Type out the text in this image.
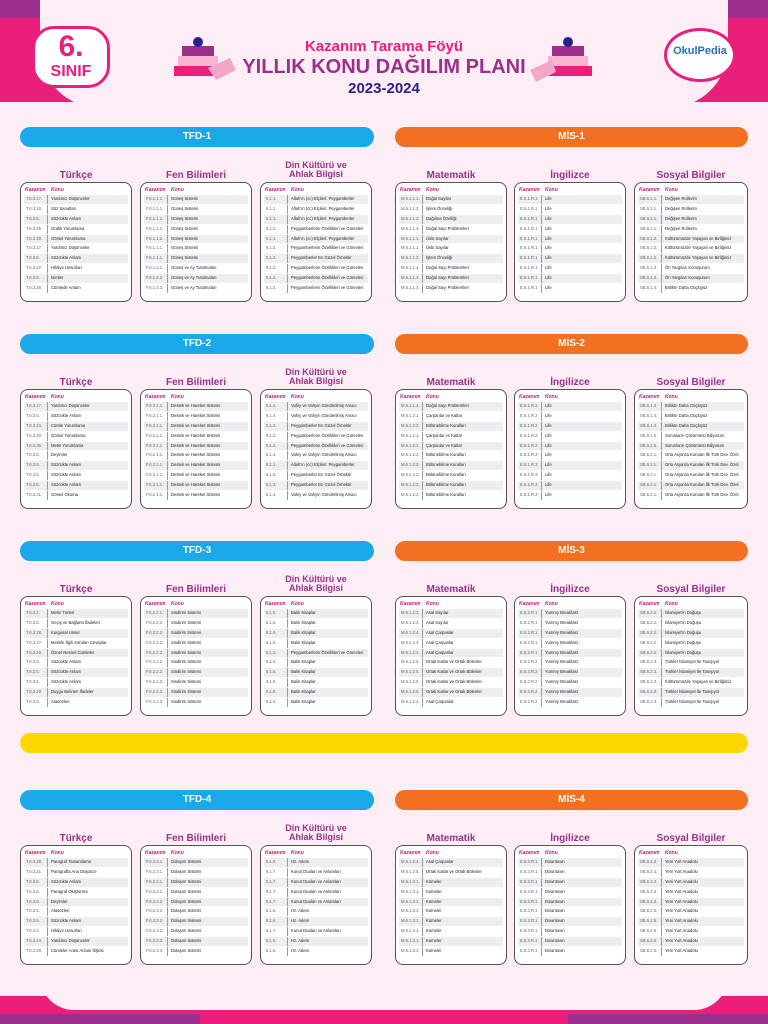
6.
SINIF
OkulPedia
Kazanım Tarama Föyü
YILLIK KONU DAĞILIM PLANI
2023-2024
TFD-1	MİS-1
Türkçe
Kazanım Konu
T.6.3.17.	Yardımcı Düşünceler
T.6.3.16.	Söz Sanatları
T.6.3.6.	Sözcükte Anlam
T.6.3.35.	Grafik Yorumlama
T.6.3.30.	Görsel Yorumlama
T.6.3.17.	Yardımcı Düşünceler
T.6.3.5.	Sözcükte Anlam
T.6.3.22.	Hikâye Unsurları
T.6.3.8.	İsimler
T.6.3.26.	Cümlede Anlam
Fen Bilimleri
Kazanım Konu
F.6.1.1.1.	Güneş Sistemi
F.6.1.1.1.	Güneş Sistemi
F.6.1.1.1.	Güneş Sistemi
F.6.1.1.1.	Güneş Sistemi
F.6.1.1.2.	Güneş Sistemi
F.6.1.1.1.	Güneş Sistemi
F.6.1.1.1.	Güneş Sistemi
F.6.1.2.1.	Güneş ve Ay Tutulmaları
F.6.1.2.2.	Güneş ve Ay Tutulmaları
F.6.1.2.3.	Güneş ve Ay Tutulmaları
Din Kültürü ve
Ahlak Bilgisi
Kazanım Konu
6.1.1.	Allah'ın (cc) Elçileri: Peygamberler
6.1.1.	Allah'ın (cc) Elçileri: Peygamberler
6.1.1.	Allah'ın (cc) Elçileri: Peygamberler
6.1.2.	Peygamberlerin Özellikleri ve Görevleri
6.1.1.	Allah'ın (cc) Elçileri: Peygamberler
6.1.2.	Peygamberlerin Özellikleri ve Görevleri
6.1.3.	Peygamberler En Güzel Örnektir
6.1.2.	Peygamberlerin Özellikleri ve Görevleri
6.1.2.	Peygamberlerin Özellikleri ve Görevleri
6.1.2.	Peygamberlerin Özellikleri ve Görevleri
Matematik
Kazanım Konu
M.6.1.1.1.	Doğal Sayılar
M.6.1.1.2.	İşlem Önceliği
M.6.1.1.3.	Dağılma Özelliği
M.6.1.1.4.	Doğal Sayı Problemleri
M.6.1.1.1.	Üslü Sayılar
M.6.1.1.1.	Üslü Sayılar
M.6.1.1.2.	İşlem Önceliği
M.6.1.1.4.	Doğal Sayı Problemleri
M.6.1.1.4.	Doğal Sayı Problemleri
M.6.1.1.4.	Doğal Sayı Problemleri
İngilizce
Kazanım Konu
E.6.1.R.1	Life
E.6.1.R.1	Life
E.6.1.R.1	Life
E.6.1.R.1	Life
E.6.1.R.1	Life
E.6.1.R.1	Life
E.6.1.R.1	Life
E.6.1.R.1	Life
E.6.1.R.1	Life
E.6.1.R.1	Life
Sosyal Bilgiler
Kazanım Konu
SB.6.1.1.	Değişen Rollerim
SB.6.1.1.	Değişen Rollerim
SB.6.1.1.	Değişen Rollerim
SB.6.1.1.	Değişen Rollerim
SB.6.1.2.	Kültürümüzde Yaşayan ve Birliğimiz
SB.6.1.2.	Kültürümüzde Yaşayan ve Birliğimiz
SB.6.1.2.	Kültürümüzde Yaşayan ve Birliğimiz
SB.6.1.3.	Ön Yargıları Konuşurum
SB.6.1.3.	Ön Yargıları Konuşurum
SB.6.1.4.	Birlikte Daha Güçlüyüz
TFD-2	MİS-2
Türkçe
Kazanım Konu
T.6.3.17.	Yardımcı Düşünceler
T.6.3.5.	Sözcükte Anlam
T.6.3.24.	Cümle Yorumlama
T.6.3.30.	Görsel Yorumlama
T.6.3.35.	Metin Yorumlama
T.6.3.6.	Deyimler
T.6.3.6.	Sözcükte Anlam
T.6.3.5.	Sözcükte Anlam
T.6.3.5.	Sözcükte Anlam
T.6.3.31.	Görsel Okuma
Fen Bilimleri
Kazanım Konu
F.6.2.1.1.	Destek ve Hareket Sistemi
F.6.2.1.1.	Destek ve Hareket Sistemi
F.6.2.1.1.	Destek ve Hareket Sistemi
F.6.2.1.1.	Destek ve Hareket Sistemi
F.6.2.1.1.	Destek ve Hareket Sistemi
F.6.2.1.1.	Destek ve Hareket Sistemi
F.6.2.1.1.	Destek ve Hareket Sistemi
F.6.2.1.1.	Destek ve Hareket Sistemi
F.6.2.1.1.	Destek ve Hareket Sistemi
F.6.2.1.1.	Destek ve Hareket Sistemi
Din Kültürü ve
Ahlak Bilgisi
Kazanım Konu
6.1.4.	Vahiy ve Vahyin Gönderilmiş Amacı
6.1.4.	Vahiy ve Vahyin Gönderilmiş Amacı
6.1.3.	Peygamberler En Güzel Örnektir
6.1.2.	Peygamberlerin Özellikleri ve Görevleri
6.1.2.	Peygamberlerin Özellikleri ve Görevleri
6.1.4.	Vahiy ve Vahyin Gönderilmiş Amacı
6.1.1.	Allah'ın (cc) Elçileri: Peygamberler
6.1.3.	Peygamberler En Güzel Örnektir
6.1.3.	Peygamberler En Güzel Örnektir
6.1.4.	Vahiy ve Vahyin Gönderilmiş Amacı
Matematik
Kazanım Konu
M.6.1.1.4.	Doğal Sayı Problemleri
M.6.1.2.1.	Çarpanlar ve Katlar
M.6.1.2.2.	Bölünebilme Kuralları
M.6.1.2.1.	Çarpanlar ve Katlar
M.6.1.2.1.	Çarpanlar ve Katlar
M.6.1.2.2.	Bölünebilme Kuralları
M.6.1.2.2.	Bölünebilme Kuralları
M.6.1.2.2.	Bölünebilme Kuralları
M.6.1.2.2.	Bölünebilme Kuralları
M.6.1.2.2.	Bölünebilme Kuralları
İngilizce
Kazanım Konu
E.6.1.R.2	Life
E.6.1.R.2	Life
E.6.1.R.2	Life
E.6.1.R.2	Life
E.6.1.R.2	Life
E.6.1.R.3	Life
E.6.1.R.3	Life
E.6.1.R.3	Life
E.6.1.R.3	Life
E.6.1.R.3	Life
Sosyal Bilgiler
Kazanım Konu
SB.6.1.4.	Birlikte Daha Güçlüyüz
SB.6.1.4.	Birlikte Daha Güçlüyüz
SB.6.1.4.	Birlikte Daha Güçlüyüz
SB.6.1.5.	Sorunların Çözümünü Biliyorum
SB.6.1.5.	Sorunların Çözümünü Biliyorum
SB.6.2.1.	Orta Asya'da Kurulan İlk Türk Dev. Özel.
SB.6.2.1.	Orta Asya'da Kurulan İlk Türk Dev. Özel.
SB.6.2.1.	Orta Asya'da Kurulan İlk Türk Dev. Özel.
SB.6.2.1.	Orta Asya'da Kurulan İlk Türk Dev. Özel.
SB.6.2.1.	Orta Asya'da Kurulan İlk Türk Dev. Özel.
TFD-3	MİS-3
Türkçe
Kazanım Konu
T.6.3.2.	Metin Türleri
T.6.3.6.	Geçiş ve Bağlantı İfadeleri
T.6.3.28.	Kurgusal Unsur
T.6.3.17.	Metinle İlgili Soruları Cevaplar
T.6.3.20.	Öznel-Nesnel Cümleler
T.6.3.5.	Sözcükte Anlam
T.6.3.5.	Sözcükte Anlam
T.6.3.5.	Sözcükte Anlam
T.6.3.20.	Duygu Belirten İfadeler
T.6.3.5.	Atasözleri
Fen Bilimleri
Kazanım Konu
F.6.2.2.1.	Sindirim Sistemi
F.6.2.2.2.	Sindirim Sistemi
F.6.2.2.2.	Sindirim Sistemi
F.6.2.2.2.	Sindirim Sistemi
F.6.2.2.2.	Sindirim Sistemi
F.6.2.2.2.	Sindirim Sistemi
F.6.2.2.2.	Sindirim Sistemi
F.6.2.2.2.	Sindirim Sistemi
F.6.2.2.3.	Sindirim Sistemi
F.6.2.2.3.	Sindirim Sistemi
Din Kültürü ve
Ahlak Bilgisi
Kazanım Konu
6.1.5.	Balık Kitaplar
6.1.5.	Balık Kitaplar
6.1.5.	Balık Kitaplar
6.1.5.	Balık Kitaplar
6.1.2.	Peygamberlerin Özellikleri ve Görevleri
6.1.5.	Balık Kitaplar
6.1.5.	Balık Kitaplar
6.1.5.	Balık Kitaplar
6.1.5.	Balık Kitaplar
6.1.5.	Balık Kitaplar
Matematik
Kazanım Konu
M.6.1.2.3.	Asal Sayılar
M.6.1.2.3.	Asal Sayılar
M.6.1.2.4.	Asal Çarpanlar
M.6.1.2.4.	Asal Çarpanlar
M.6.1.2.4.	Asal Çarpanlar
M.6.1.2.5.	Ortak Katlar ve Ortak Bölenler
M.6.1.2.5.	Ortak Katlar ve Ortak Bölenler
M.6.1.2.5.	Ortak Katlar ve Ortak Bölenler
M.6.1.2.5.	Ortak Katlar ve Ortak Bölenler
M.6.1.2.4.	Asal Çarpanlar
İngilizce
Kazanım Konu
E.6.2.R.1	Yummy Breakfast
E.6.2.R.1	Yummy Breakfast
E.6.2.R.1	Yummy Breakfast
E.6.2.R.1	Yummy Breakfast
E.6.2.R.1	Yummy Breakfast
E.6.2.R.2	Yummy Breakfast
E.6.2.R.2	Yummy Breakfast
E.6.2.R.2	Yummy Breakfast
E.6.2.R.2	Yummy Breakfast
E.6.2.R.2	Yummy Breakfast
Sosyal Bilgiler
Kazanım Konu
SB.6.2.2.	İslamiyet'in Doğuşu
SB.6.2.2.	İslamiyet'in Doğuşu
SB.6.2.2.	İslamiyet'in Doğuşu
SB.6.2.2.	İslamiyet'in Doğuşu
SB.6.2.2.	İslamiyet'in Doğuşu
SB.6.2.3.	Türkler İslamiyet İle Tanışıyor
SB.6.2.3.	Türkler İslamiyet İle Tanışıyor
SB.6.2.3.	Kültürümüzde Yaşayan ve Birliğimiz
SB.6.2.3.	Türkler İslamiyet İle Tanışıyor
SB.6.2.3.	Türkler İslamiyet İle Tanışıyor
TFD-4	MİS-4
Türkçe
Kazanım Konu
T.6.3.28.	Paragraf Tamamlama
T.6.3.21.	Paragrafta Ana Düşünce
T.6.3.5.	Sözcükte Anlam
T.6.4.6.	Paragraf Oluşturma
T.6.3.6.	Deyimler
T.6.3.5.	Atasözleri
T.6.3.5.	Sözcükte Anlam
T.6.4.2.	Hikâye Unsurları
T.6.3.24.	Yardımcı Düşünceler
T.6.3.28.	Cümleler Arası Anlam İlişkisi
Fen Bilimleri
Kazanım Konu
F.6.2.3.1.	Dolaşım Sistemi
F.6.2.3.1.	Dolaşım Sistemi
F.6.2.3.1.	Dolaşım Sistemi
F.6.2.3.1.	Dolaşım Sistemi
F.6.2.3.2.	Dolaşım Sistemi
F.6.2.3.2.	Dolaşım Sistemi
F.6.2.3.2.	Dolaşım Sistemi
F.6.2.3.2.	Dolaşım Sistemi
F.6.2.3.3.	Dolaşım Sistemi
F.6.2.3.3.	Dolaşım Sistemi
Din Kültürü ve
Ahlak Bilgisi
Kazanım Konu
6.1.6.	Hz. Adem
6.1.7.	Kunut Duaları ve Anlamları
6.1.7.	Kunut Duaları ve Anlamları
6.1.7.	Kunut Duaları ve Anlamları
6.1.7.	Kunut Duaları ve Anlamları
6.1.6.	Hz. Adem
6.1.6.	Hz. Adem
6.1.7.	Kunut Duaları ve Anlamları
6.1.6.	Hz. Adem
6.1.6.	Hz. Adem
Matematik
Kazanım Konu
M.6.1.2.4.	Asal Çarpanlar
M.6.1.2.5.	Ortak Katlar ve Ortak Bölenler
M.6.1.3.1.	Kümeler
M.6.1.3.1.	Kümeler
M.6.1.3.1.	Kümeler
M.6.1.3.1.	Kümeler
M.6.1.3.1.	Kümeler
M.6.1.3.1.	Kümeler
M.6.1.3.1.	Kümeler
M.6.1.3.1.	Kümeler
İngilizce
Kazanım Konu
E.6.3.R.1	Downtown
E.6.3.R.1	Downtown
E.6.3.R.1	Downtown
E.6.3.R.1	Downtown
E.6.3.R.1	Downtown
E.6.3.R.1	Downtown
E.6.3.R.1	Downtown
E.6.3.R.1	Downtown
E.6.3.R.1	Downtown
E.6.3.R.1	Downtown
Sosyal Bilgiler
Kazanım Konu
SB.6.2.4.	Yeni Yurt Anadolu
SB.6.2.4.	Yeni Yurt Anadolu
SB.6.2.4.	Yeni Yurt Anadolu
SB.6.2.4.	Yeni Yurt Anadolu
SB.6.2.4.	Yeni Yurt Anadolu
SB.6.2.5.	Yeni Yurt Anadolu
SB.6.2.5.	Yeni Yurt Anadolu
SB.6.2.5.	Yeni Yurt Anadolu
SB.6.2.5.	Yeni Yurt Anadolu
SB.6.2.5.	Yeni Yurt Anadolu
